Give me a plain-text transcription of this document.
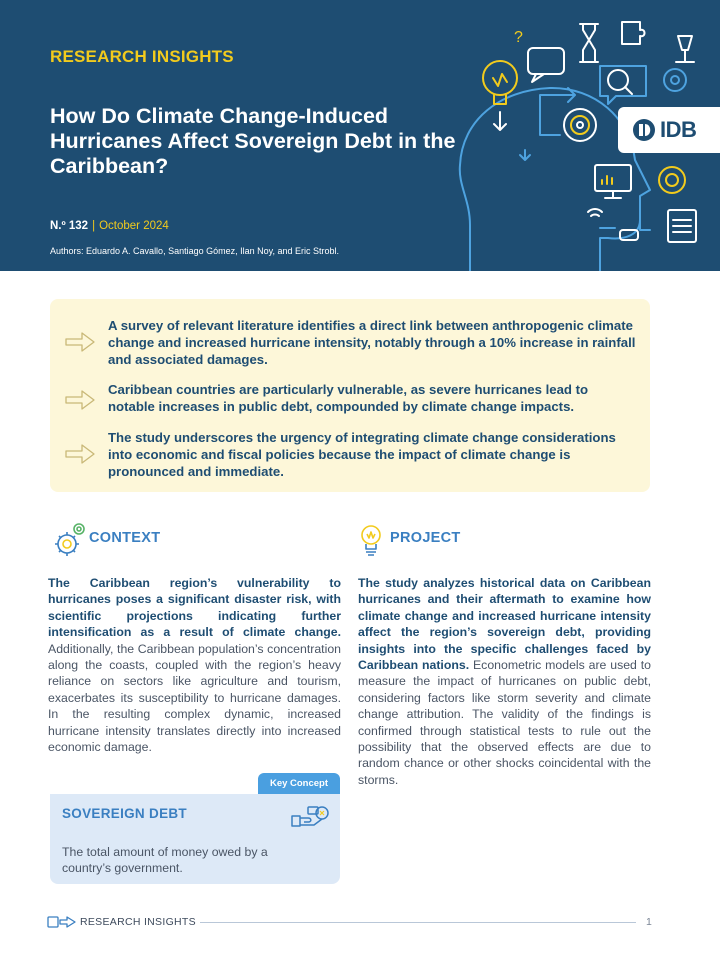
RESEARCH INSIGHTS
How Do Climate Change-Induced Hurricanes Affect Sovereign Debt in the Caribbean?
N.º 132 | October 2024
Authors: Eduardo A. Cavallo, Santiago Gómez, Ilan Noy, and Eric Strobl.
?
IDB
A survey of relevant literature identifies a direct link between anthropogenic climate change and increased hurricane intensity, notably through a 10% increase in rainfall and associated damages.
Caribbean countries are particularly vulnerable, as severe hurricanes lead to notable increases in public debt, compounded by climate change impacts.
The study underscores the urgency of integrating climate change considerations into economic and fiscal policies because the impact of climate change is pronounced and immediate.
CONTEXT
The Caribbean region’s vulnerability to hurricanes poses a significant disaster risk, with scientific projections indicating further intensification as a result of climate change. Additionally, the Caribbean population’s concentration along the coasts, coupled with the region’s heavy reliance on sectors like agriculture and tourism, exacerbates its susceptibility to hurricane damages. In the resulting complex dynamic, increased hurricane intensity translates directly into increased economic damage.
PROJECT
The study analyzes historical data on Caribbean hurricanes and their aftermath to examine how climate change and increased hurricane intensity affect the region’s sovereign debt, providing insights into the specific challenges faced by Caribbean nations. Econometric models are used to measure the impact of hurricanes on public debt, considering factors like storm severity and climate change attribution. The validity of the findings is confirmed through statistical tests to rule out the possibility that the observed effects are due to random chance or other shocks coincidental with the storms.
Key Concept
SOVEREIGN DEBT
The total amount of money owed by a country’s government.
RESEARCH INSIGHTS	1
